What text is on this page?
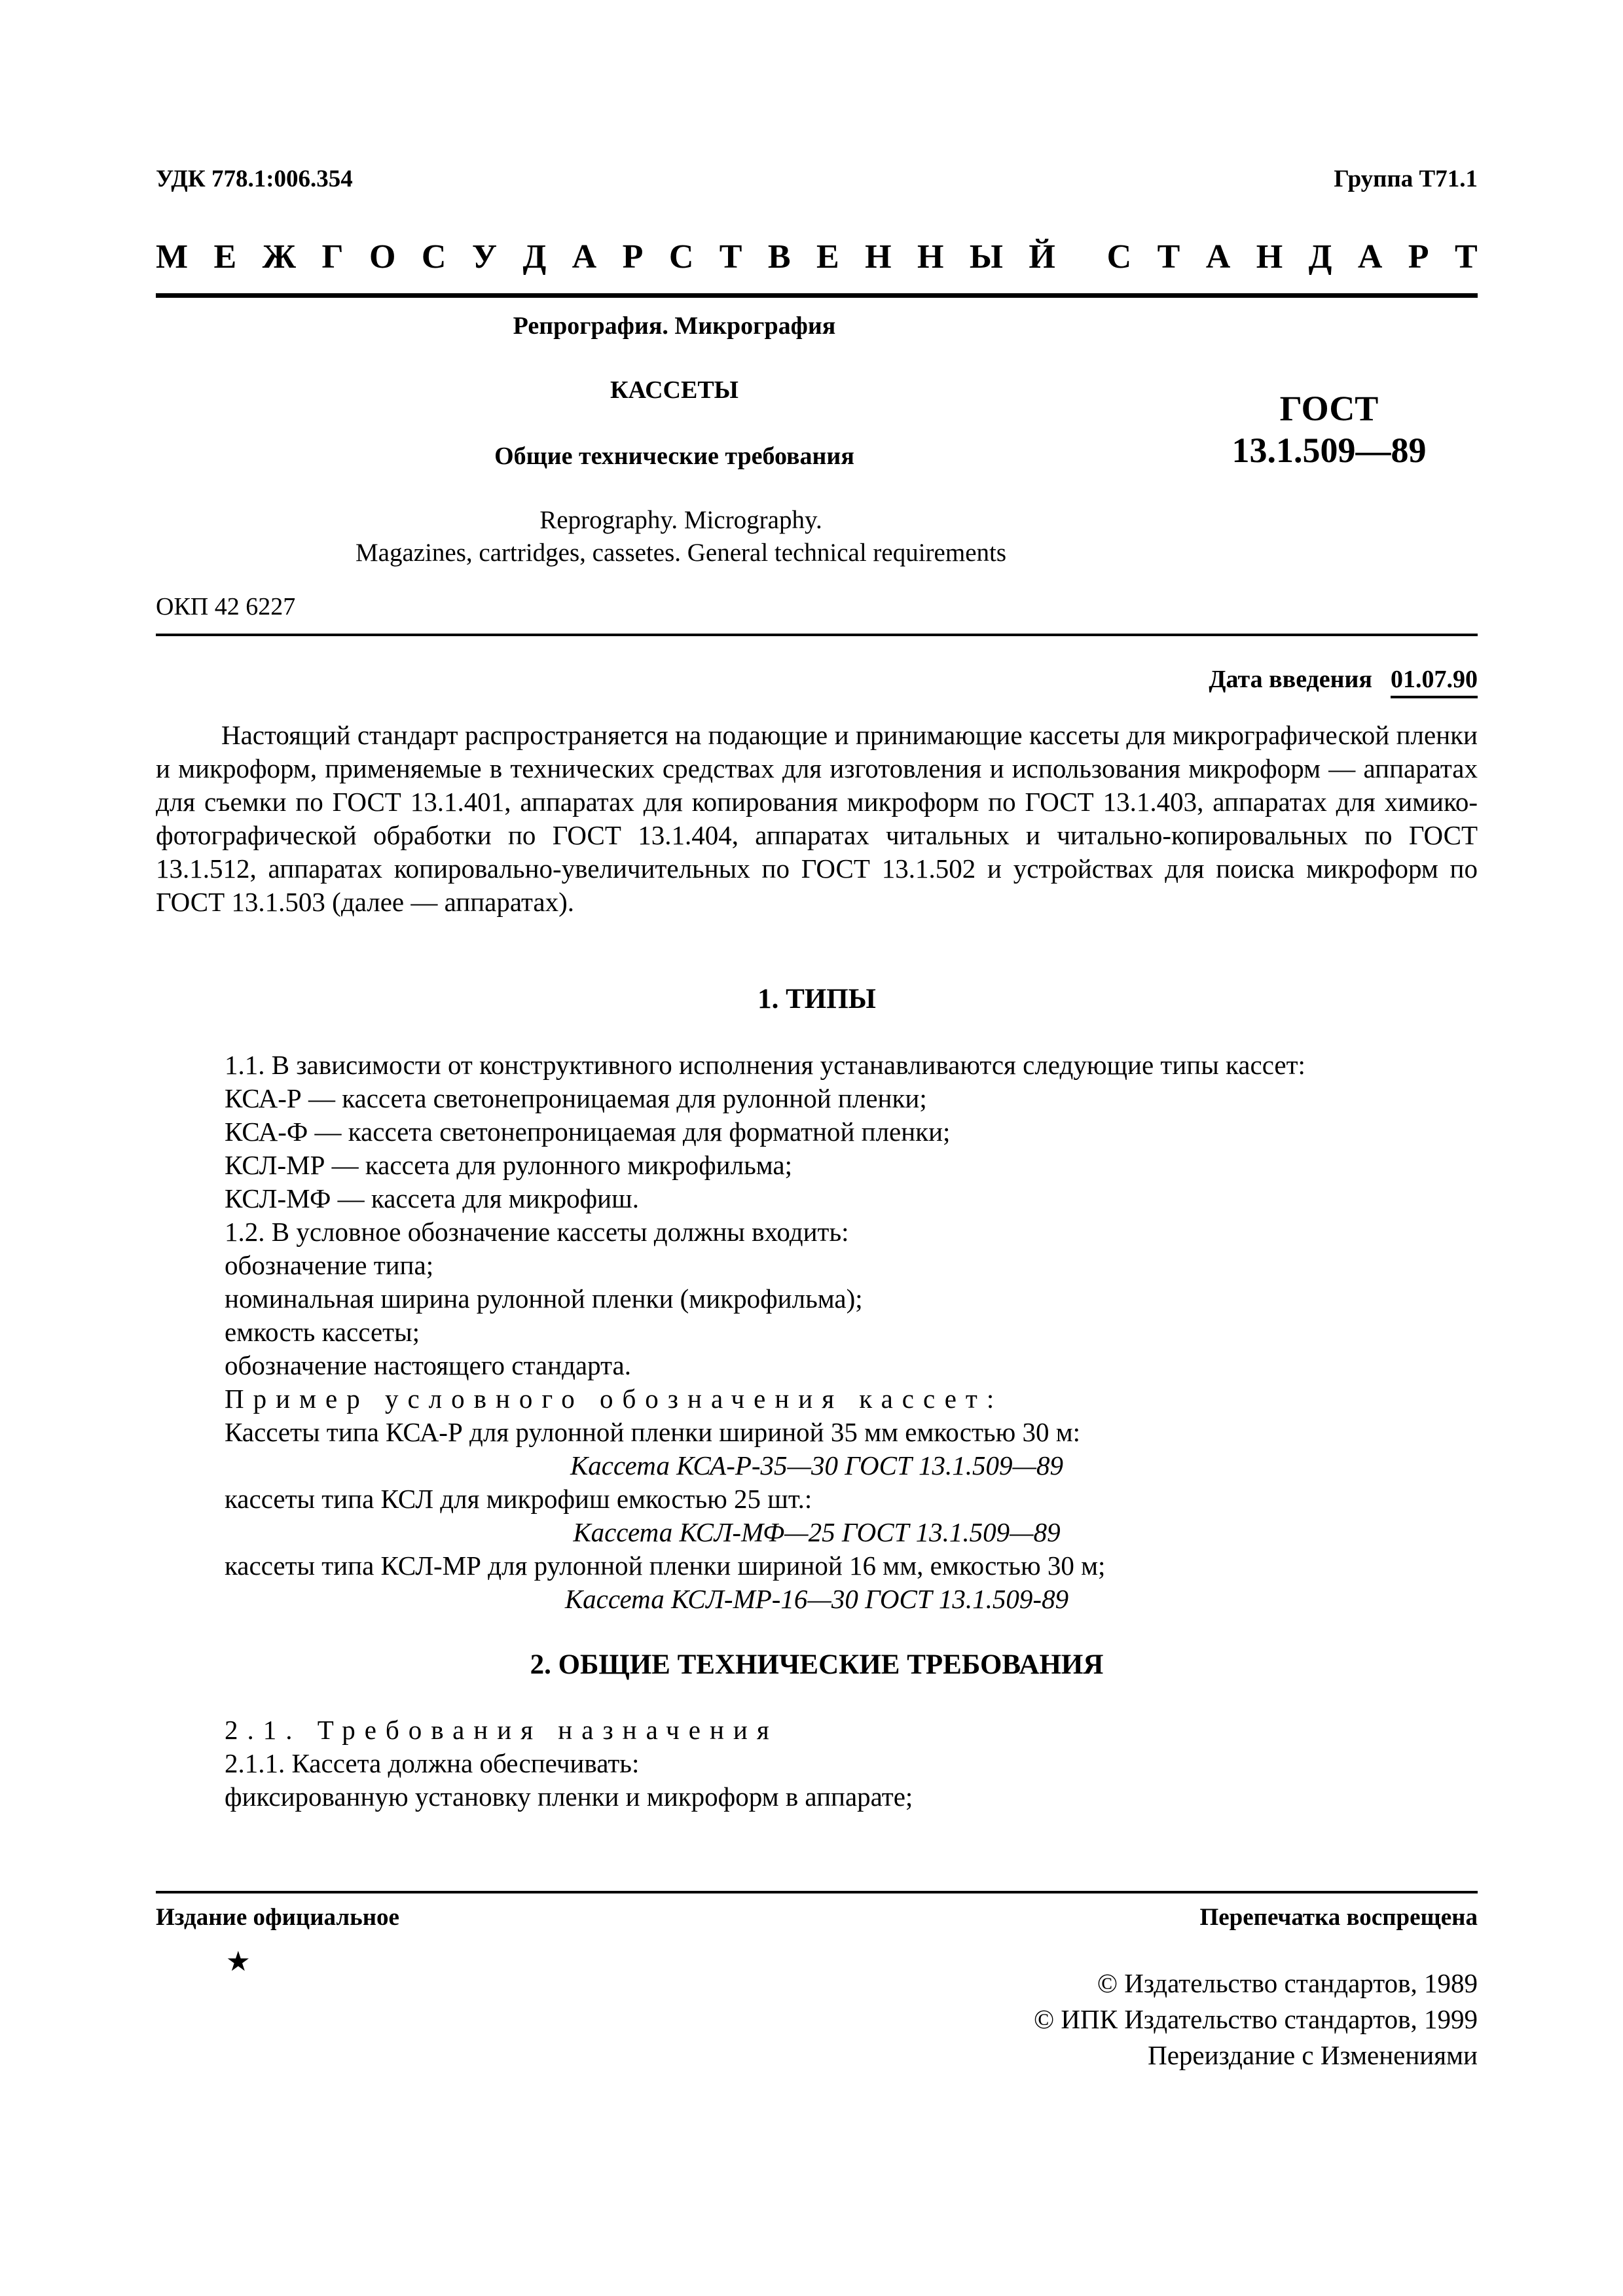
УДК 778.1:006.354	Группа Т71.1
М Е Ж Г О С У Д А Р С Т В Е Н Н Ы Й С Т А Н Д А Р Т
Репрография. Микрография
КАССЕТЫ
Общие технические требования
ГОСТ
13.1.509—89
Reprography. Micrography.
Magazines, cartridges, cassetes. General technical requirements
ОКП 42 6227
Дата введения 01.07.90
Настоящий стандарт распространяется на подающие и принимающие кассеты для микрографической пленки и микроформ, применяемые в технических средствах для изготовления и использования микроформ — аппаратах для съемки по ГОСТ 13.1.401, аппаратах для копирования микроформ по ГОСТ 13.1.403, аппаратах для химико-фотографической обработки по ГОСТ 13.1.404, аппаратах читальных и читально-копировальных по ГОСТ 13.1.512, аппаратах копировально-увеличительных по ГОСТ 13.1.502 и устройствах для поиска микроформ по ГОСТ 13.1.503 (далее — аппаратах).
1. ТИПЫ
1.1. В зависимости от конструктивного исполнения устанавливаются следующие типы кассет:
КСА-Р — кассета светонепроницаемая для рулонной пленки;
КСА-Ф — кассета светонепроницаемая для форматной пленки;
КСЛ-МР — кассета для рулонного микрофильма;
КСЛ-МФ — кассета для микрофиш.
1.2. В условное обозначение кассеты должны входить:
обозначение типа;
номинальная ширина рулонной пленки (микрофильма);
емкость кассеты;
обозначение настоящего стандарта.
Пример условного обозначения кассет:
Кассеты типа КСА-Р для рулонной пленки шириной 35 мм емкостью 30 м:
Кассета КСА-Р-35—30 ГОСТ 13.1.509—89
кассеты типа КСЛ для микрофиш емкостью 25 шт.:
Кассета КСЛ-МФ—25 ГОСТ 13.1.509—89
кассеты типа КСЛ-МР для рулонной пленки шириной 16 мм, емкостью 30 м;
Кассета КСЛ-МР-16—30 ГОСТ 13.1.509-89
2. ОБЩИЕ ТЕХНИЧЕСКИЕ ТРЕБОВАНИЯ
2.1. Требования назначения
2.1.1. Кассета должна обеспечивать:
фиксированную установку пленки и микроформ в аппарате;
Издание официальное	Перепечатка воспрещена
★
© Издательство стандартов, 1989
© ИПК Издательство стандартов, 1999
Переиздание с Изменениями
